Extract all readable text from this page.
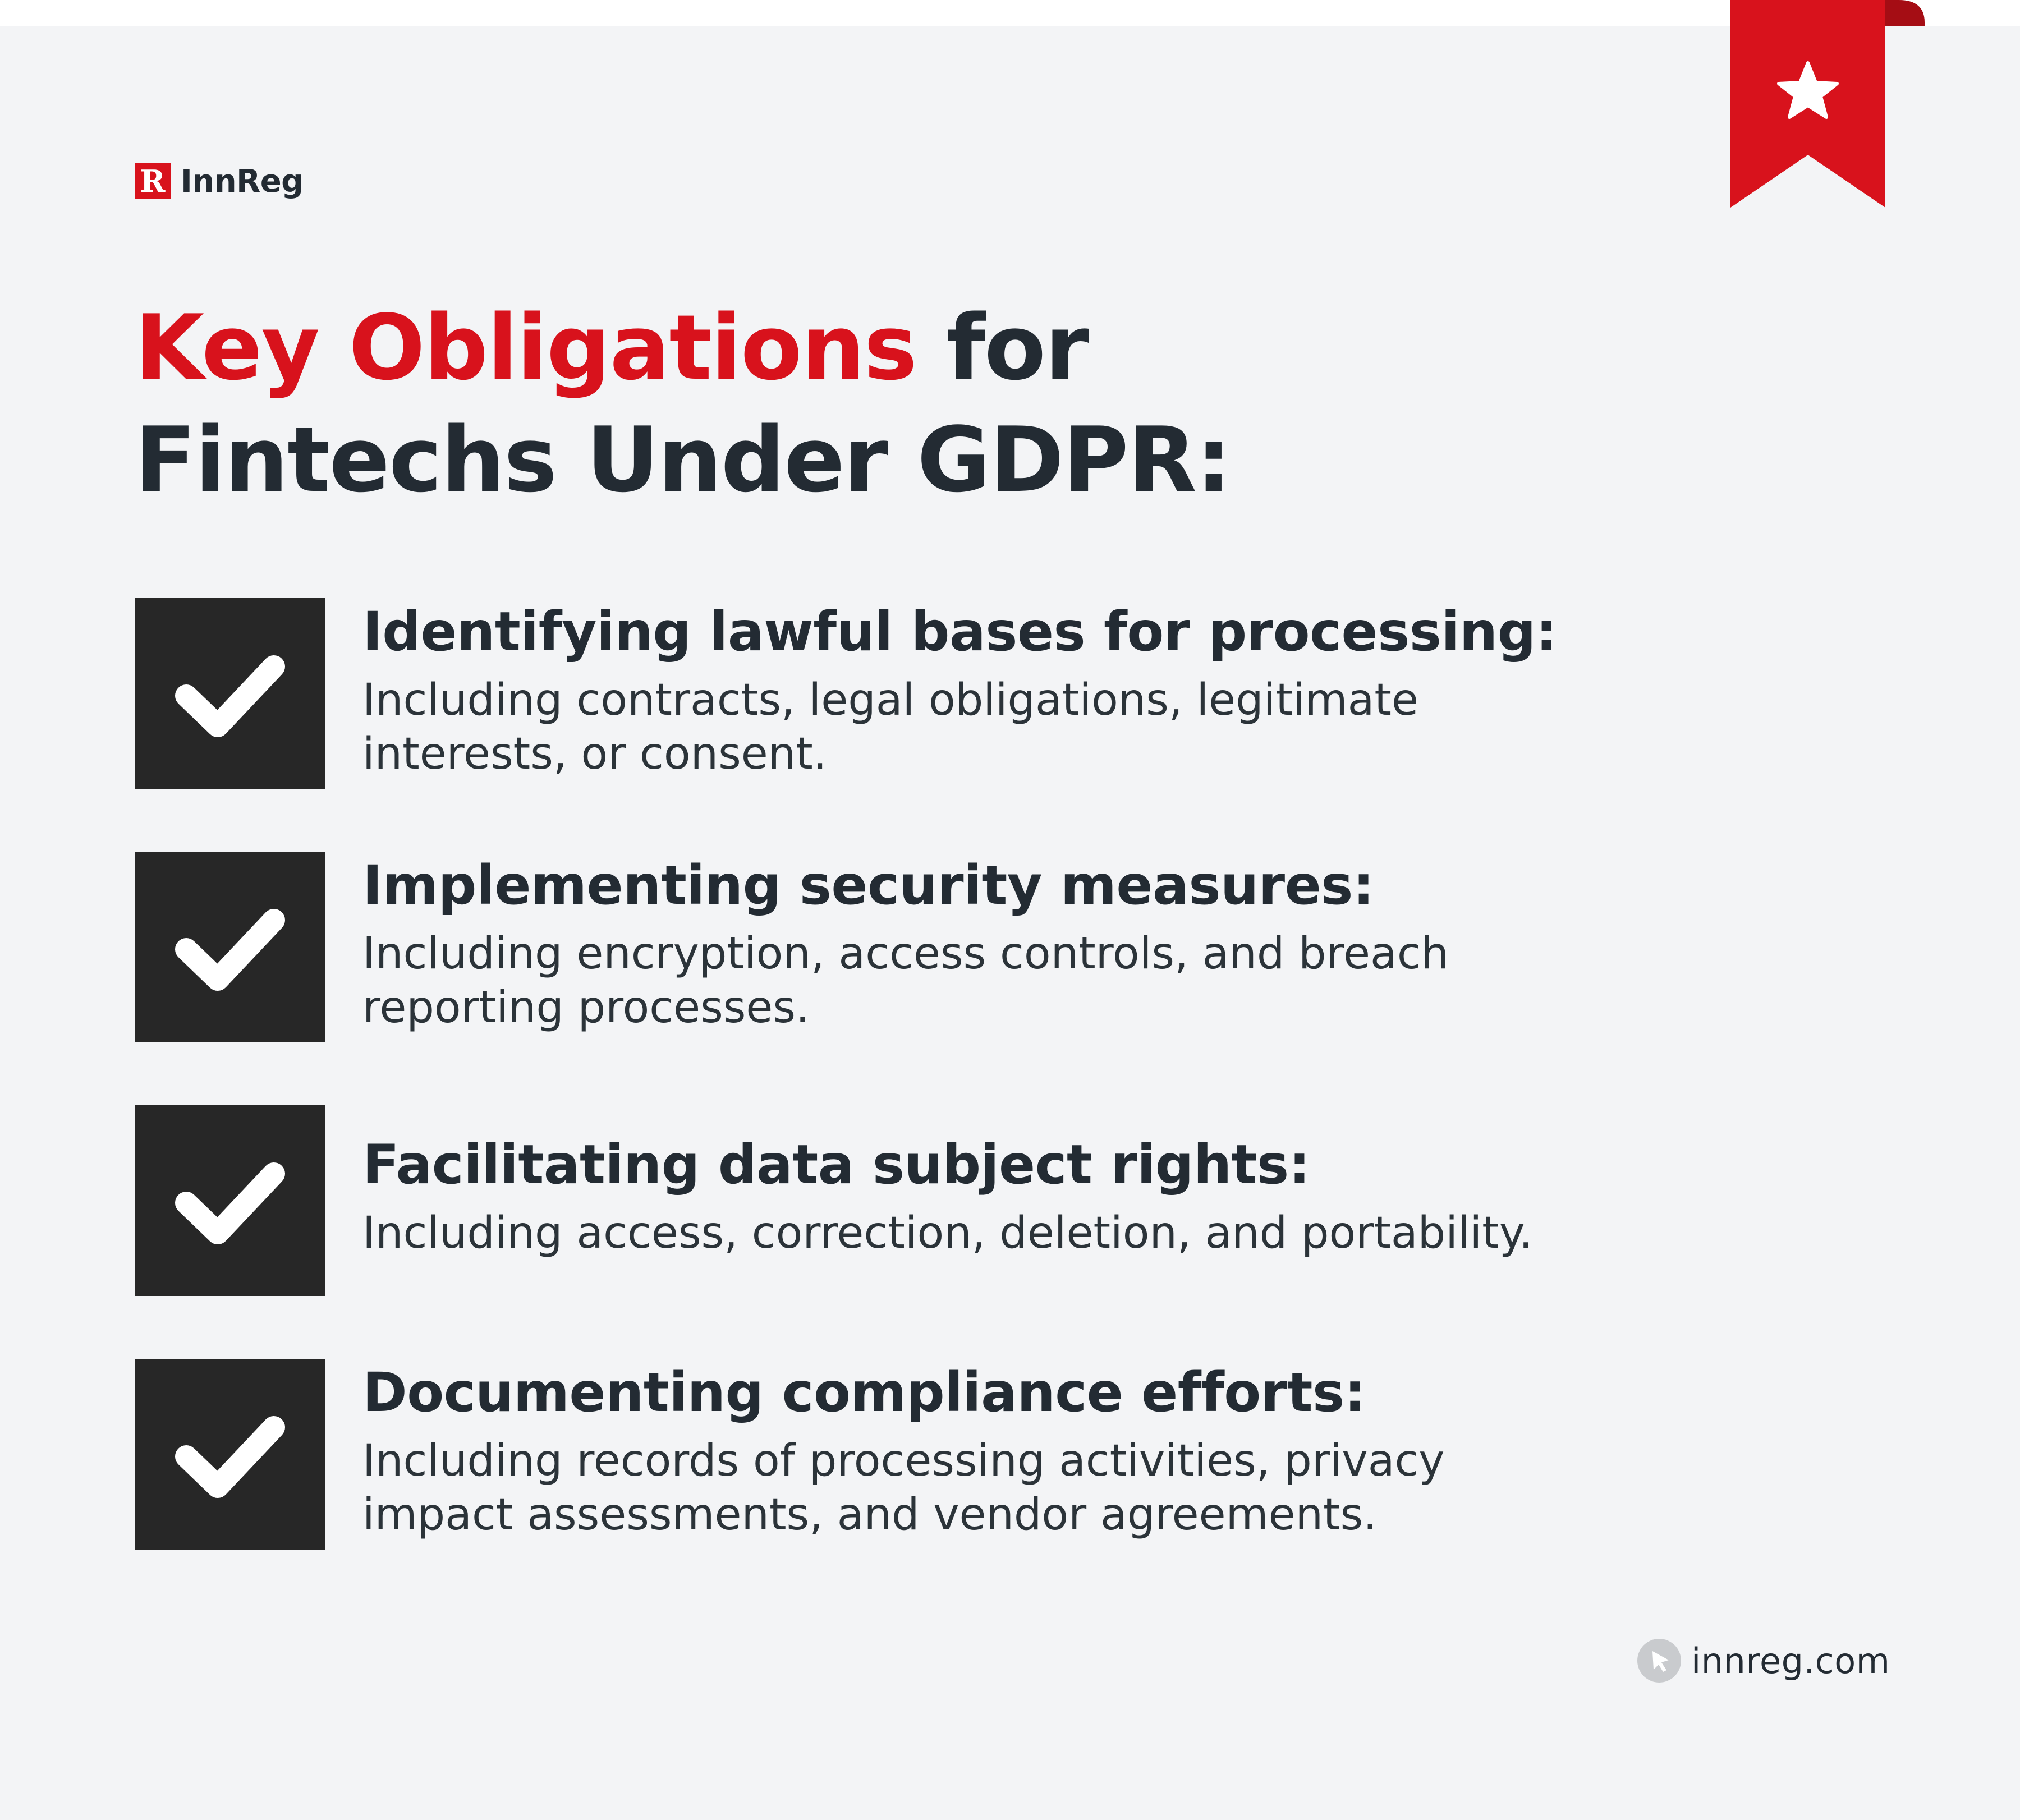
R InnReg
Key Obligations for
Fintechs Under GDPR:
Identifying lawful bases for processing:
Including contracts, legal obligations, legitimate interests, or consent.
Implementing security measures:
Including encryption, access controls, and breach reporting processes.
Facilitating data subject rights:
Including access, correction, deletion, and portability.
Documenting compliance efforts:
Including records of processing activities, privacy impact assessments, and vendor agreements.
innreg.com
